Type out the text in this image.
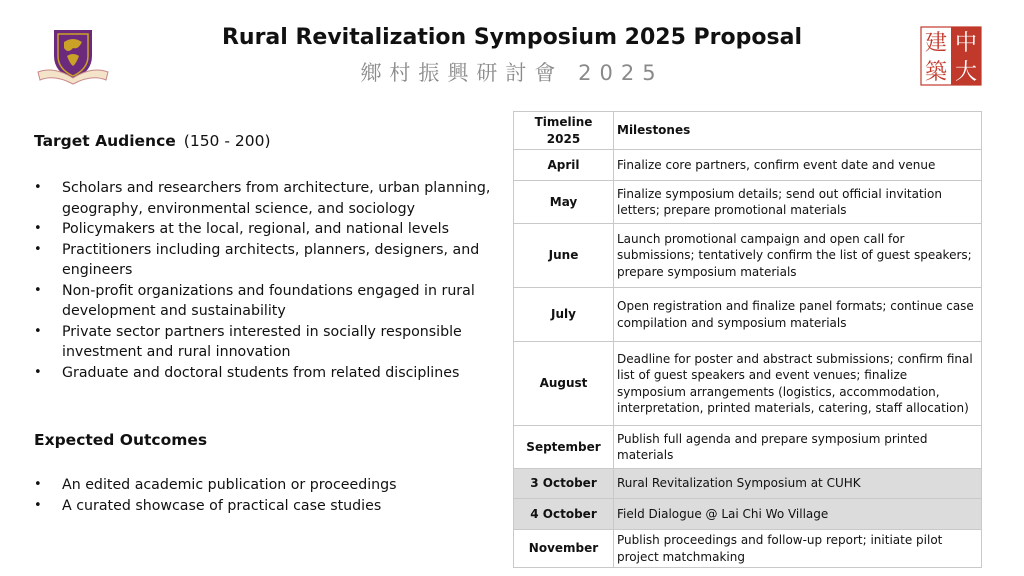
中
大
建
築
Rural Revitalization Symposium 2025 Proposal
鄉村振興研討會 2025
Target Audience (150 - 200)
• Scholars and researchers from architecture, urban planning, geography, environmental science, and sociology
• Policymakers at the local, regional, and national levels
• Practitioners including architects, planners, designers, and engineers
• Non-profit organizations and foundations engaged in rural development and sustainability
• Private sector partners interested in socially responsible investment and rural innovation
• Graduate and doctoral students from related disciplines
Expected Outcomes
• An edited academic publication or proceedings
• A curated showcase of practical case studies
Timeline 2025	Milestones
April	Finalize core partners, confirm event date and venue
May	Finalize symposium details; send out official invitation letters; prepare promotional materials
June	Launch promotional campaign and open call for submissions; tentatively confirm the list of guest speakers; prepare symposium materials
July	Open registration and finalize panel formats; continue case compilation and symposium materials
August	Deadline for poster and abstract submissions; confirm final list of guest speakers and event venues; finalize symposium arrangements (logistics, accommodation, interpretation, printed materials, catering, staff allocation)
September	Publish full agenda and prepare symposium printed materials
3 October	Rural Revitalization Symposium at CUHK
4 October	Field Dialogue @ Lai Chi Wo Village
November	Publish proceedings and follow-up report; initiate pilot project matchmaking
